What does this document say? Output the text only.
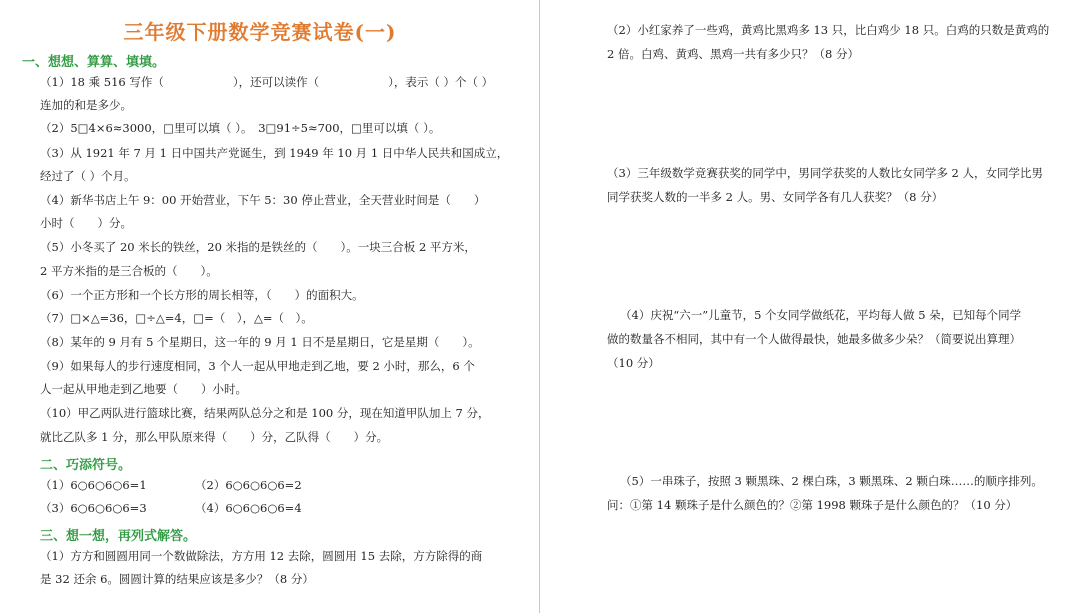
三年级下册数学竞赛试卷(一)
一、想想、算算、填填。
（1）18 乘 516 写作（　　　　　　），还可以读作（　　　　　　），表示（ ）个（ ）
连加的和是多少。
（2）5□4×6≈3000，□里可以填（ ）。　3□91÷5≈700，□里可以填（ ）。
（3）从 1921 年 7 月 1 日中国共产党诞生，到 1949 年 10 月 1 日中华人民共和国成立，
经过了（ ）个月。
（4）新华书店上午 9：00 开始营业，下午 5：30 停止营业，全天营业时间是（　　）
小时（　　）分。
（5）小冬买了 20 米长的铁丝，20 米指的是铁丝的（　　）。一块三合板 2 平方米，
2 平方米指的是三合板的（　　）。
（6）一个正方形和一个长方形的周长相等，（　　）的面积大。
（7）□×△=36，□÷△=4，□=（　），△=（　）。
（8）某年的 9 月有 5 个星期日，这一年的 9 月 1 日不是星期日，它是星期（　　）。
（9）如果每人的步行速度相同，3 个人一起从甲地走到乙地，要 2 小时，那么，6 个
人一起从甲地走到乙地要（　　）小时。
（10）甲乙两队进行篮球比赛，结果两队总分之和是 100 分，现在知道甲队加上 7 分，
就比乙队多 1 分，那么甲队原来得（　　）分，乙队得（　　）分。
二、巧添符号。
（1）6○6○6○6=1	（2）6○6○6○6=2
（3）6○6○6○6=3	（4）6○6○6○6=4
三、想一想，再列式解答。
（1）方方和圆圆用同一个数做除法，方方用 12 去除，圆圆用 15 去除，方方除得的商
是 32 还余 6。圆圆计算的结果应该是多少？（8 分）
（2）小红家养了一些鸡，黄鸡比黑鸡多 13 只，比白鸡少 18 只。白鸡的只数是黄鸡的
2 倍。白鸡、黄鸡、黑鸡一共有多少只？（8 分）
（3）三年级数学竞赛获奖的同学中，男同学获奖的人数比女同学多 2 人，女同学比男
同学获奖人数的一半多 2 人。男、女同学各有几人获奖？（8 分）
（4）庆祝“六一”儿童节，5 个女同学做纸花，平均每人做 5 朵，已知每个同学
做的数量各不相同，其中有一个人做得最快，她最多做多少朵？（简要说出算理）
（10 分）
（5）一串珠子，按照 3 颗黑珠、2 棵白珠，3 颗黑珠、2 颗白珠……的顺序排列。
问：①第 14 颗珠子是什么颜色的？②第 1998 颗珠子是什么颜色的？（10 分）
